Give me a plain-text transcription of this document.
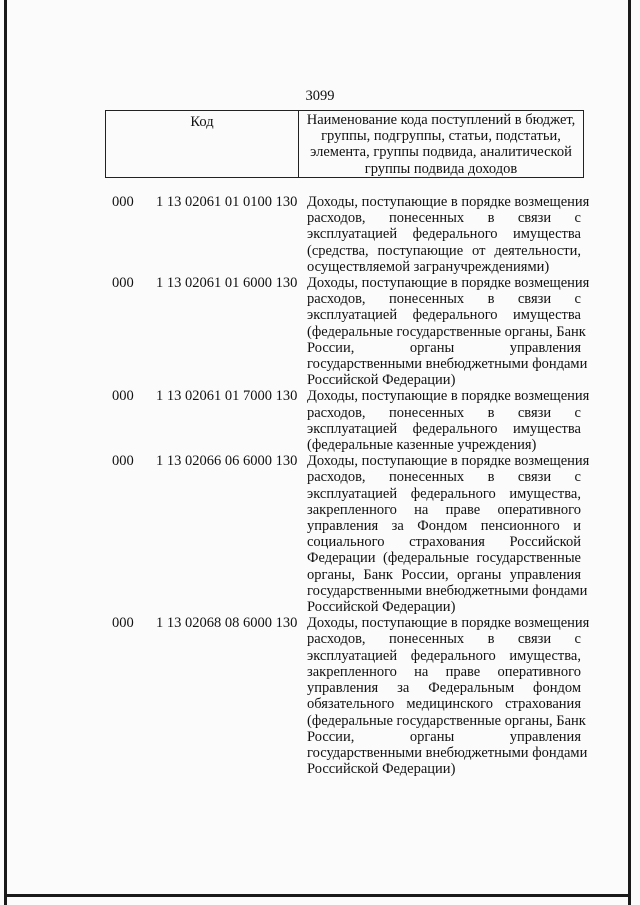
3099
Код	Наименование кода поступлений в бюджет,
группы, подгруппы, статьи, подстатьи,
элемента, группы подвида, аналитической
группы подвида доходов
000 1 13 02061 01 0100 130 Доходы, поступающие в порядке возмещения
расходов, понесенных в связи с
эксплуатацией федерального имущества
(средства, поступающие от деятельности,
осуществляемой загранучреждениями)
000 1 13 02061 01 6000 130 Доходы, поступающие в порядке возмещения
расходов, понесенных в связи с
эксплуатацией федерального имущества
(федеральные государственные органы, Банк
России, органы управления
государственными внебюджетными фондами
Российской Федерации)
000 1 13 02061 01 7000 130 Доходы, поступающие в порядке возмещения
расходов, понесенных в связи с
эксплуатацией федерального имущества
(федеральные казенные учреждения)
000 1 13 02066 06 6000 130 Доходы, поступающие в порядке возмещения
расходов, понесенных в связи с
эксплуатацией федерального имущества,
закрепленного на праве оперативного
управления за Фондом пенсионного и
социального страхования Российской
Федерации (федеральные государственные
органы, Банк России, органы управления
государственными внебюджетными фондами
Российской Федерации)
000 1 13 02068 08 6000 130 Доходы, поступающие в порядке возмещения
расходов, понесенных в связи с
эксплуатацией федерального имущества,
закрепленного на праве оперативного
управления за Федеральным фондом
обязательного медицинского страхования
(федеральные государственные органы, Банк
России, органы управления
государственными внебюджетными фондами
Российской Федерации)
